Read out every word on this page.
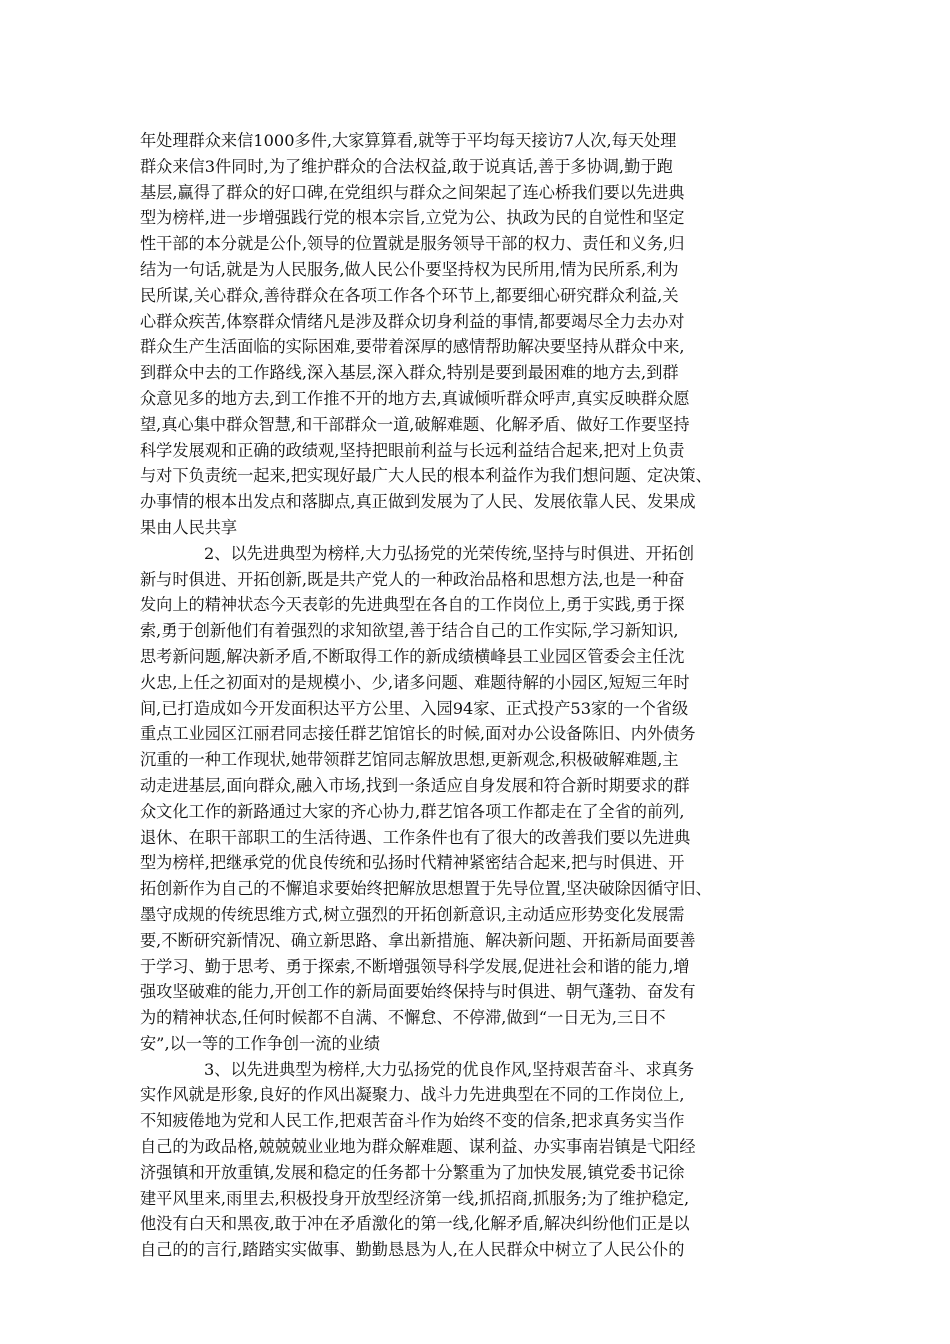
年处理群众来信1000多件,大家算算看,就等于平均每天接访7人次,每天处理
群众来信3件同时,为了维护群众的合法权益,敢于说真话,善于多协调,勤于跑
基层,赢得了群众的好口碑,在党组织与群众之间架起了连心桥我们要以先进典
型为榜样,进一步增强践行党的根本宗旨,立党为公、执政为民的自觉性和坚定
性干部的本分就是公仆,领导的位置就是服务领导干部的权力、责任和义务,归
结为一句话,就是为人民服务,做人民公仆要坚持权为民所用,情为民所系,利为
民所谋,关心群众,善待群众在各项工作各个环节上,都要细心研究群众利益,关
心群众疾苦,体察群众情绪凡是涉及群众切身利益的事情,都要竭尽全力去办对
群众生产生活面临的实际困难,要带着深厚的感情帮助解决要坚持从群众中来,
到群众中去的工作路线,深入基层,深入群众,特别是要到最困难的地方去,到群
众意见多的地方去,到工作推不开的地方去,真诚倾听群众呼声,真实反映群众愿
望,真心集中群众智慧,和干部群众一道,破解难题、化解矛盾、做好工作要坚持
科学发展观和正确的政绩观,坚持把眼前利益与长远利益结合起来,把对上负责
与对下负责统一起来,把实现好最广大人民的根本利益作为我们想问题、定决策、
办事情的根本出发点和落脚点,真正做到发展为了人民、发展依靠人民、发果成
果由人民共享
2、以先进典型为榜样,大力弘扬党的光荣传统,坚持与时俱进、开拓创
新与时俱进、开拓创新,既是共产党人的一种政治品格和思想方法,也是一种奋
发向上的精神状态今天表彰的先进典型在各自的工作岗位上,勇于实践,勇于探
索,勇于创新他们有着强烈的求知欲望,善于结合自己的工作实际,学习新知识,
思考新问题,解决新矛盾,不断取得工作的新成绩横峰县工业园区管委会主任沈
火忠,上任之初面对的是规模小、少,诸多问题、难题待解的小园区,短短三年时
间,已打造成如今开发面积达平方公里、入园94家、正式投产53家的一个省级
重点工业园区江丽君同志接任群艺馆馆长的时候,面对办公设备陈旧、内外债务
沉重的一种工作现状,她带领群艺馆同志解放思想,更新观念,积极破解难题,主
动走进基层,面向群众,融入市场,找到一条适应自身发展和符合新时期要求的群
众文化工作的新路通过大家的齐心协力,群艺馆各项工作都走在了全省的前列,
退休、在职干部职工的生活待遇、工作条件也有了很大的改善我们要以先进典
型为榜样,把继承党的优良传统和弘扬时代精神紧密结合起来,把与时俱进、开
拓创新作为自己的不懈追求要始终把解放思想置于先导位置,坚决破除因循守旧、
墨守成规的传统思维方式,树立强烈的开拓创新意识,主动适应形势变化发展需
要,不断研究新情况、确立新思路、拿出新措施、解决新问题、开拓新局面要善
于学习、勤于思考、勇于探索,不断增强领导科学发展,促进社会和谐的能力,增
强攻坚破难的能力,开创工作的新局面要始终保持与时俱进、朝气蓬勃、奋发有
为的精神状态,任何时候都不自满、不懈怠、不停滞,做到“一日无为,三日不
安”,以一等的工作争创一流的业绩
3、以先进典型为榜样,大力弘扬党的优良作风,坚持艰苦奋斗、求真务
实作风就是形象,良好的作风出凝聚力、战斗力先进典型在不同的工作岗位上,
不知疲倦地为党和人民工作,把艰苦奋斗作为始终不变的信条,把求真务实当作
自己的为政品格,兢兢兢业业地为群众解难题、谋利益、办实事南岩镇是弋阳经
济强镇和开放重镇,发展和稳定的任务都十分繁重为了加快发展,镇党委书记徐
建平风里来,雨里去,积极投身开放型经济第一线,抓招商,抓服务;为了维护稳定,
他没有白天和黑夜,敢于冲在矛盾激化的第一线,化解矛盾,解决纠纷他们正是以
自己的的言行,踏踏实实做事、勤勤恳恳为人,在人民群众中树立了人民公仆的
